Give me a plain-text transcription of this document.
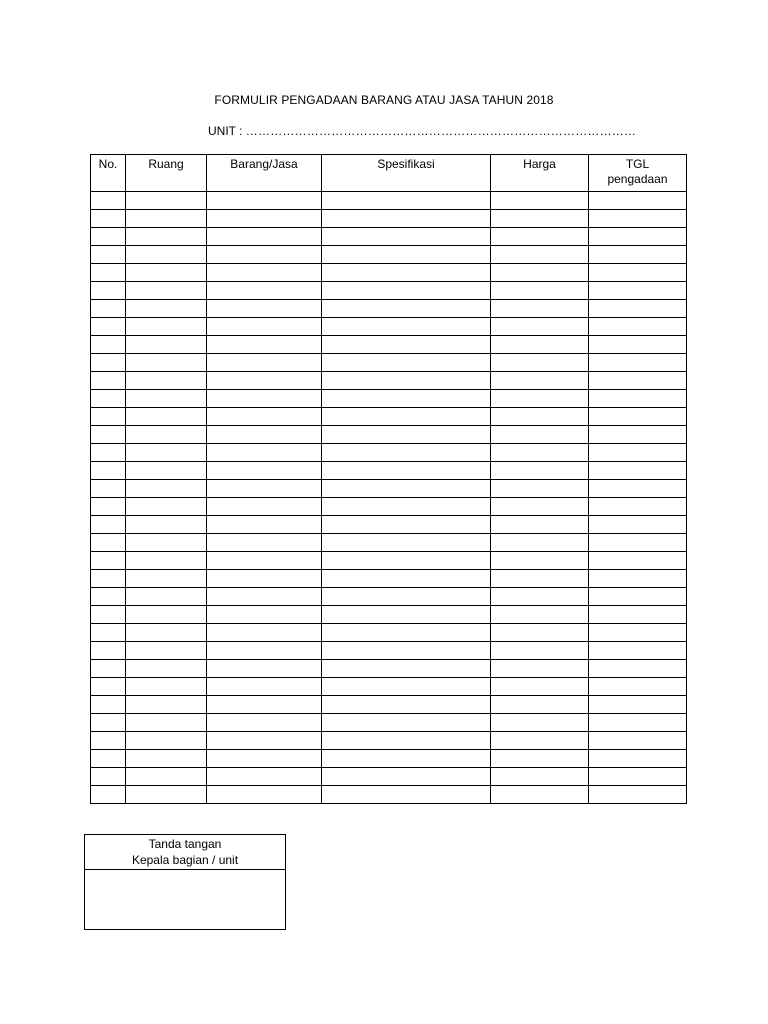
FORMULIR PENGADAAN BARANG ATAU JASA TAHUN 2018
UNIT : ……………………………………………………………………………………
No.	Ruang	Barang/Jasa	Spesifikasi	Harga	TGL
pengadaan

Tanda tangan
Kepala bagian / unit
